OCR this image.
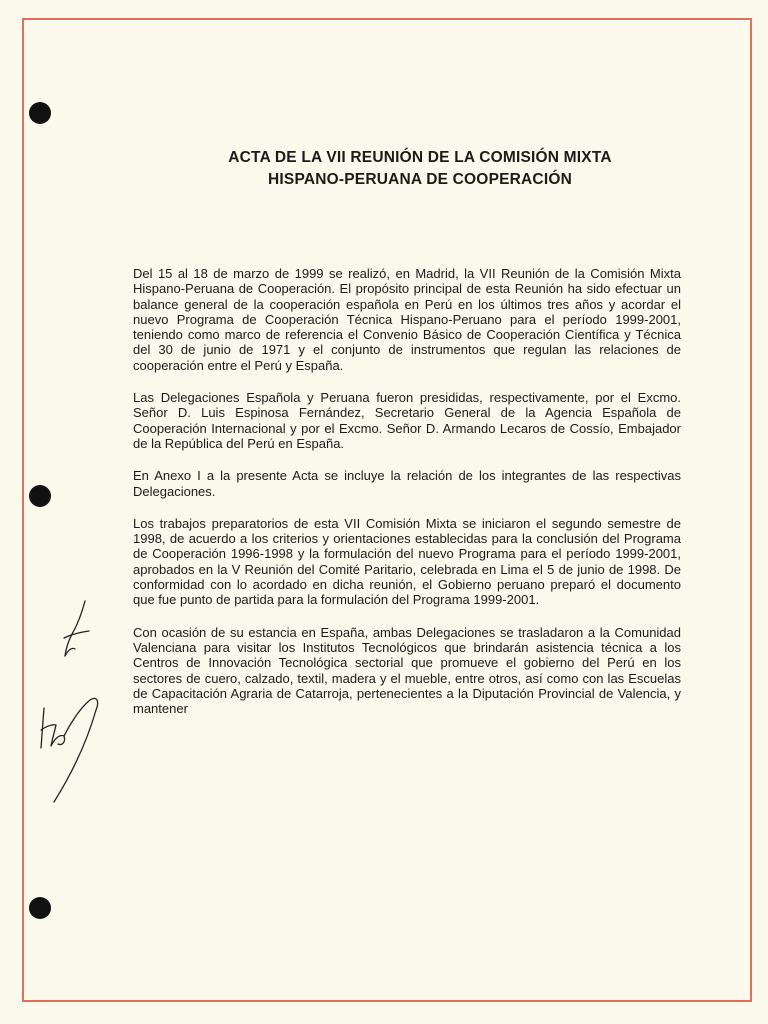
ACTA DE LA VII REUNIÓN DE LA COMISIÓN MIXTA
HISPANO-PERUANA DE COOPERACIÓN

Del 15 al 18 de marzo de 1999 se realizó, en Madrid, la VII Reunión de la Comisión Mixta Hispano-Peruana de Cooperación. El propósito principal de esta Reunión ha sido efectuar un balance general de la cooperación española en Perú en los últimos tres años y acordar el nuevo Programa de Cooperación Técnica Hispano-Peruano para el período 1999-2001, teniendo como marco de referencia el Convenio Básico de Cooperación Científica y Técnica del 30 de junio de 1971 y el conjunto de instrumentos que regulan las relaciones de cooperación entre el Perú y España.

Las Delegaciones Española y Peruana fueron presididas, respectivamente, por el Excmo. Señor D. Luis Espinosa Fernández, Secretario General de la Agencia Española de Cooperación Internacional y por el Excmo. Señor D. Armando Lecaros de Cossío, Embajador de la República del Perú en España.

En Anexo I a la presente Acta se incluye la relación de los integrantes de las respectivas Delegaciones.

Los trabajos preparatorios de esta VII Comisión Mixta se iniciaron el segundo semestre de 1998, de acuerdo a los criterios y orientaciones establecidas para la conclusión del Programa de Cooperación 1996-1998 y la formulación del nuevo Programa para el período 1999-2001, aprobados en la V Reunión del Comité Paritario, celebrada en Lima el 5 de junio de 1998. De conformidad con lo acordado en dicha reunión, el Gobierno peruano preparó el documento que fue punto de partida para la formulación del Programa 1999-2001.

Con ocasión de su estancia en España, ambas Delegaciones se trasladaron a la Comunidad Valenciana para visitar los Institutos Tecnológicos que brindarán asistencia técnica a los Centros de Innovación Tecnológica sectorial que promueve el gobierno del Perú en los sectores de cuero, calzado, textil, madera y el mueble, entre otros, así como con las Escuelas de Capacitación Agraria de Catarroja, pertenecientes a la Diputación Provincial de Valencia, y mantener
